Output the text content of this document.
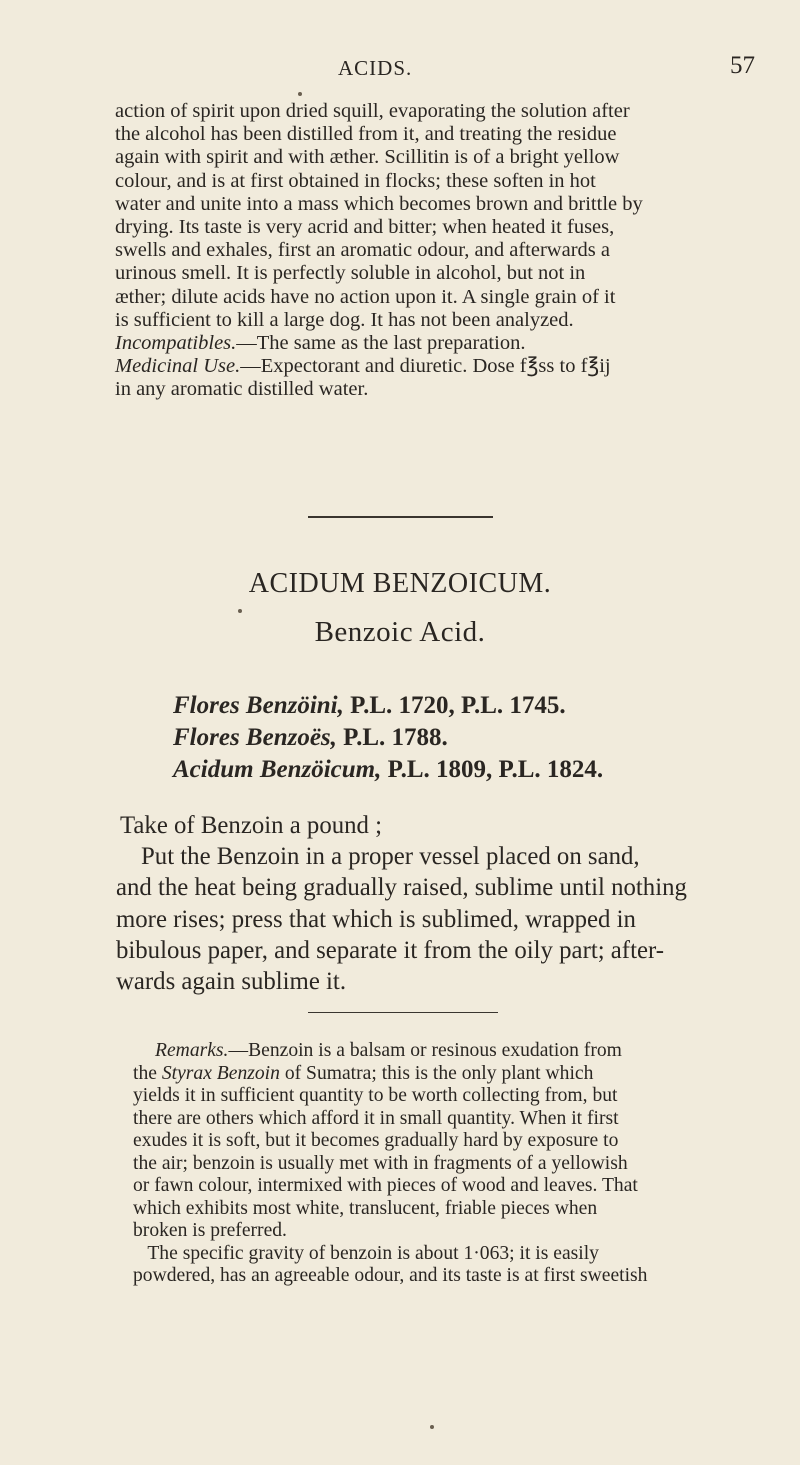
ACIDS.	57
action of spirit upon dried squill, evaporating the solution after
the alcohol has been distilled from it, and treating the residue
again with spirit and with æther. Scillitin is of a bright yellow
colour, and is at first obtained in flocks; these soften in hot
water and unite into a mass which becomes brown and brittle by
drying. Its taste is very acrid and bitter; when heated it fuses,
swells and exhales, first an aromatic odour, and afterwards a
urinous smell. It is perfectly soluble in alcohol, but not in
æther; dilute acids have no action upon it. A single grain of it
is sufficient to kill a large dog. It has not been analyzed.
Incompatibles.—The same as the last preparation.
Medicinal Use.—Expectorant and diuretic. Dose f℥ss to f℥ij
in any aromatic distilled water.
ACIDUM BENZOICUM.
Benzoic Acid.
Flores Benzöini, P.L. 1720, P.L. 1745.
Flores Benzoës, P.L. 1788.
Acidum Benzöicum, P.L. 1809, P.L. 1824.
Take of Benzoin a pound ;
Put the Benzoin in a proper vessel placed on sand,
and the heat being gradually raised, sublime until nothing
more rises; press that which is sublimed, wrapped in
bibulous paper, and separate it from the oily part; after-
wards again sublime it.
Remarks.—Benzoin is a balsam or resinous exudation from
the Styrax Benzoin of Sumatra; this is the only plant which
yields it in sufficient quantity to be worth collecting from, but
there are others which afford it in small quantity. When it first
exudes it is soft, but it becomes gradually hard by exposure to
the air; benzoin is usually met with in fragments of a yellowish
or fawn colour, intermixed with pieces of wood and leaves. That
which exhibits most white, translucent, friable pieces when
broken is preferred.
The specific gravity of benzoin is about 1·063; it is easily
powdered, has an agreeable odour, and its taste is at first sweetish
